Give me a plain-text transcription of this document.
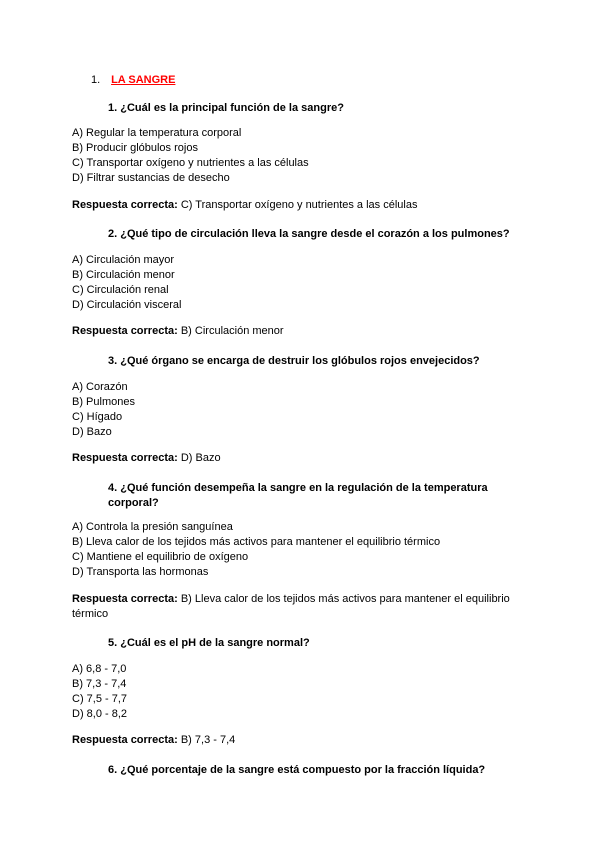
1. LA SANGRE
1. ¿Cuál es la principal función de la sangre?
A) Regular la temperatura corporal
B) Producir glóbulos rojos
C) Transportar oxígeno y nutrientes a las células
D) Filtrar sustancias de desecho
Respuesta correcta: C) Transportar oxígeno y nutrientes a las células
2. ¿Qué tipo de circulación lleva la sangre desde el corazón a los pulmones?
A) Circulación mayor
B) Circulación menor
C) Circulación renal
D) Circulación visceral
Respuesta correcta: B) Circulación menor
3. ¿Qué órgano se encarga de destruir los glóbulos rojos envejecidos?
A) Corazón
B) Pulmones
C) Hígado
D) Bazo
Respuesta correcta: D) Bazo
4. ¿Qué función desempeña la sangre en la regulación de la temperatura corporal?
A) Controla la presión sanguínea
B) Lleva calor de los tejidos más activos para mantener el equilibrio térmico
C) Mantiene el equilibrio de oxígeno
D) Transporta las hormonas
Respuesta correcta: B) Lleva calor de los tejidos más activos para mantener el equilibrio térmico
5. ¿Cuál es el pH de la sangre normal?
A) 6,8 - 7,0
B) 7,3 - 7,4
C) 7,5 - 7,7
D) 8,0 - 8,2
Respuesta correcta: B) 7,3 - 7,4
6. ¿Qué porcentaje de la sangre está compuesto por la fracción líquida?
